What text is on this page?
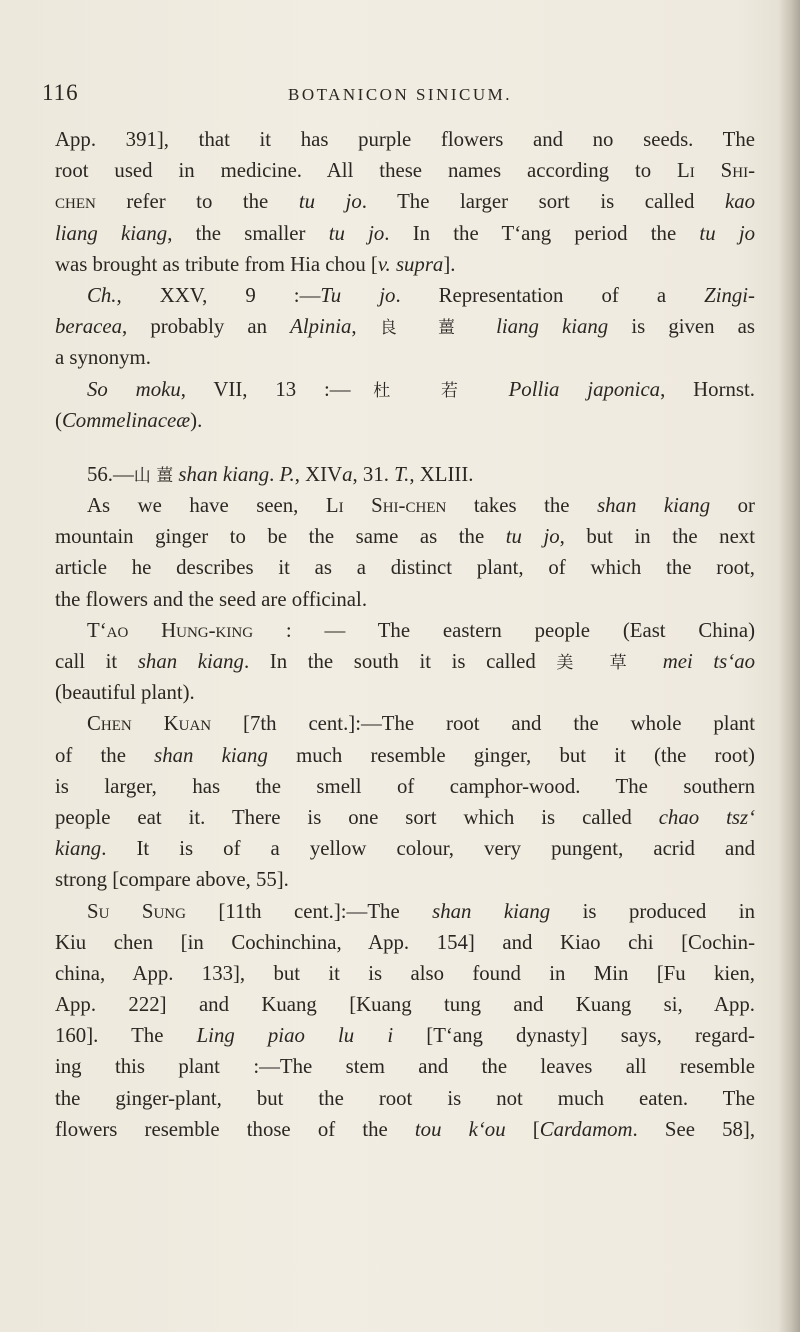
116	BOTANICON SINICUM.
App. 391], that it has purple flowers and no seeds. The
root used in medicine. All these names according to Li Shi-
chen refer to the tu jo. The larger sort is called kao
liang kiang, the smaller tu jo. In the T‘ang period the tu jo
was brought as tribute from Hia chou [v. supra].
Ch., XXV, 9 :—Tu jo. Representation of a Zingi-
beracea, probably an Alpinia, 良 薑 liang kiang is given as
a synonym.
So moku, VII, 13 :—杜 若 Pollia japonica, Hornst.
(Commelinaceæ).
56.—山 薑 shan kiang. P., XIVa, 31. T., XLIII.
As we have seen, Li Shi-chen takes the shan kiang or
mountain ginger to be the same as the tu jo, but in the next
article he describes it as a distinct plant, of which the root,
the flowers and the seed are officinal.
T‘ao Hung-king : — The eastern people (East China)
call it shan kiang. In the south it is called 美 草 mei ts‘ao
(beautiful plant).
Chen Kuan [7th cent.]:—The root and the whole plant
of the shan kiang much resemble ginger, but it (the root)
is larger, has the smell of camphor-wood. The southern
people eat it. There is one sort which is called chao tsz‘
kiang. It is of a yellow colour, very pungent, acrid and
strong [compare above, 55].
Su Sung [11th cent.]:—The shan kiang is produced in
Kiu chen [in Cochinchina, App. 154] and Kiao chi [Cochin-
china, App. 133], but it is also found in Min [Fu kien,
App. 222] and Kuang [Kuang tung and Kuang si, App.
160]. The Ling piao lu i [T‘ang dynasty] says, regard-
ing this plant :—The stem and the leaves all resemble
the ginger-plant, but the root is not much eaten. The
flowers resemble those of the tou k‘ou [Cardamom. See 58],
